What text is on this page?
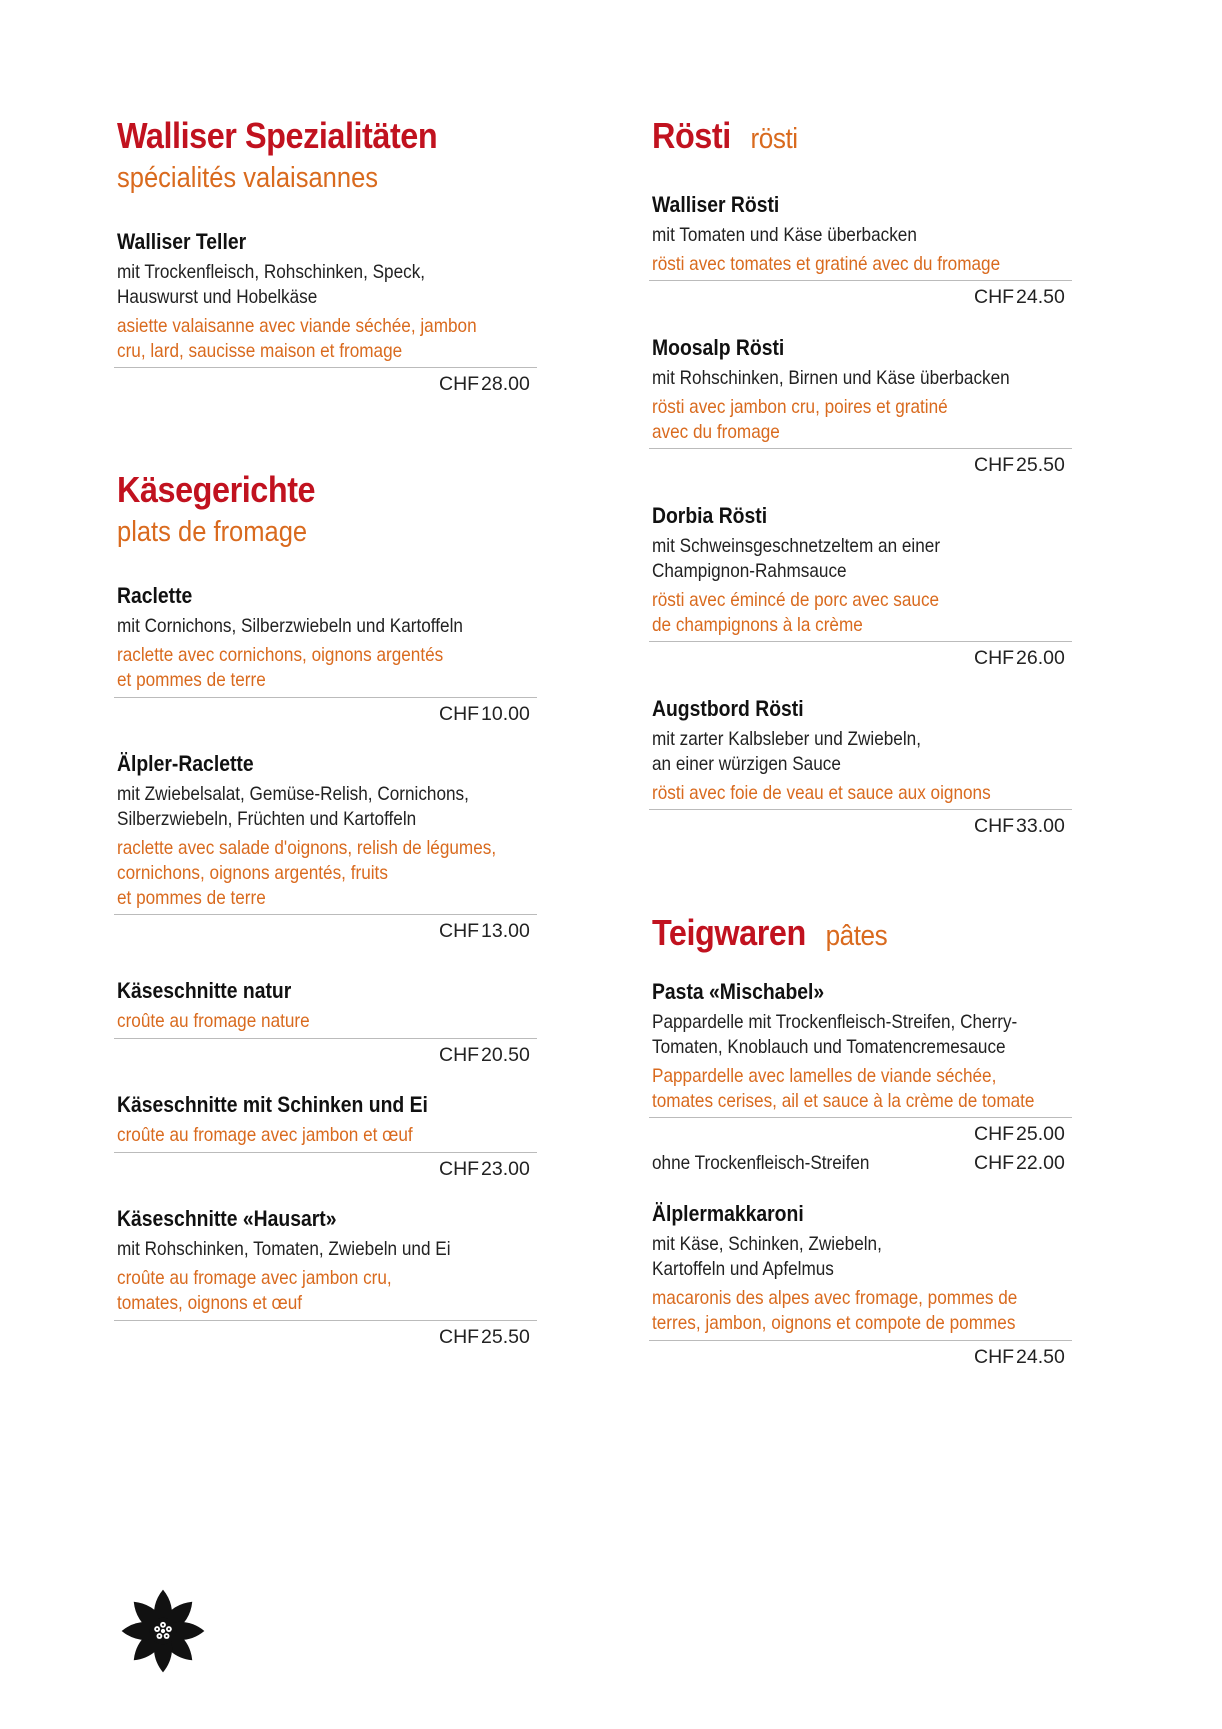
Walliser Spezialitäten
spécialités valaisannes
Walliser Teller
mit Trockenfleisch, Rohschinken, Speck,
Hauswurst und Hobelkäse
asiette valaisanne avec viande séchée, jambon
cru, lard, saucisse maison et fromage
CHF28.00
Käsegerichte
plats de fromage
Raclette
mit Cornichons, Silberzwiebeln und Kartoffeln
raclette avec cornichons, oignons argentés
et pommes de terre
CHF10.00
Älpler-Raclette
mit Zwiebelsalat, Gemüse-Relish, Cornichons,
Silberzwiebeln, Früchten und Kartoffeln
raclette avec salade d'oignons, relish de légumes,
cornichons, oignons argentés, fruits
et pommes de terre
CHF13.00
Käseschnitte natur
croûte au fromage nature
CHF20.50
Käseschnitte mit Schinken und Ei
croûte au fromage avec jambon et œuf
CHF23.00
Käseschnitte «Hausart»
mit Rohschinken, Tomaten, Zwiebeln und Ei
croûte au fromage avec jambon cru,
tomates, oignons et œuf
CHF25.50
Rösti rösti
Walliser Rösti
mit Tomaten und Käse überbacken
rösti avec tomates et gratiné avec du fromage
CHF24.50
Moosalp Rösti
mit Rohschinken, Birnen und Käse überbacken
rösti avec jambon cru, poires et gratiné
avec du fromage
CHF25.50
Dorbia Rösti
mit Schweinsgeschnetzeltem an einer
Champignon-Rahmsauce
rösti avec émincé de porc avec sauce
de champignons à la crème
CHF26.00
Augstbord Rösti
mit zarter Kalbsleber und Zwiebeln,
an einer würzigen Sauce
rösti avec foie de veau et sauce aux oignons
CHF33.00
Teigwaren pâtes
Pasta «Mischabel»
Pappardelle mit Trockenfleisch-Streifen, Cherry-
Tomaten, Knoblauch und Tomatencremesauce
Pappardelle avec lamelles de viande séchée,
tomates cerises, ail et sauce à la crème de tomate
CHF25.00
ohne Trockenfleisch-Streifen	CHF22.00
Älplermakkaroni
mit Käse, Schinken, Zwiebeln,
Kartoffeln und Apfelmus
macaronis des alpes avec fromage, pommes de
terres, jambon, oignons et compote de pommes
CHF24.50
